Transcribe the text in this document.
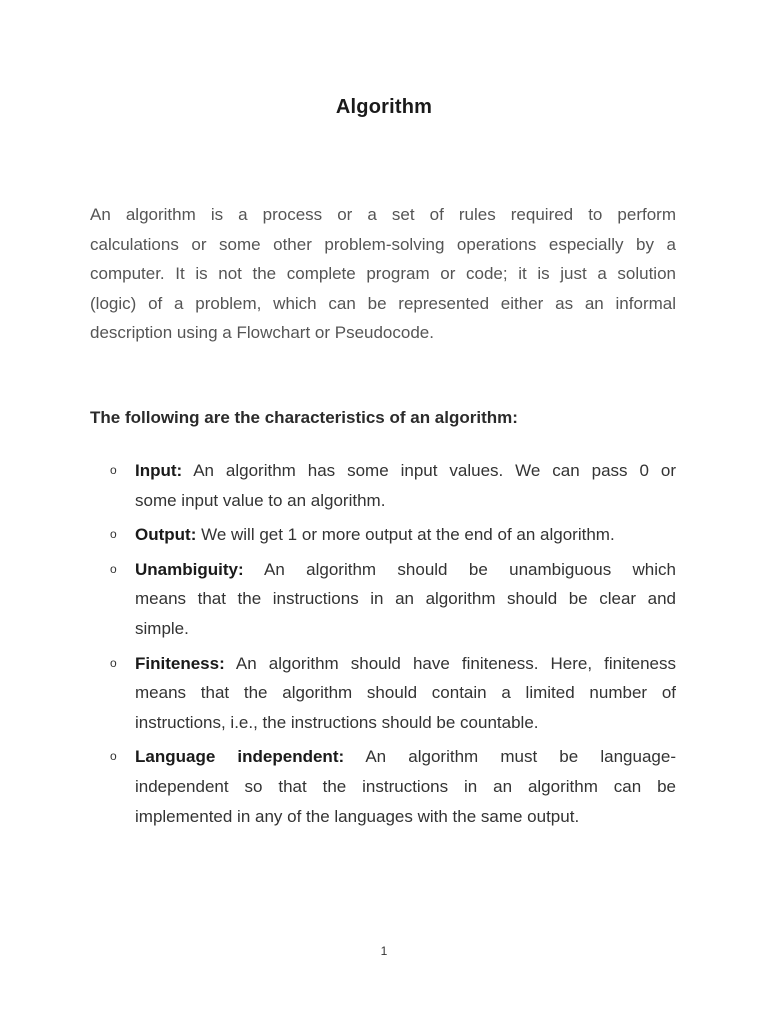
Algorithm

An algorithm is a process or a set of rules required to perform
calculations or some other problem-solving operations especially by a
computer. It is not the complete program or code; it is just a solution
(logic) of a problem, which can be represented either as an informal
description using a Flowchart or Pseudocode.

The following are the characteristics of an algorithm:

o Input: An algorithm has some input values. We can pass 0 or
some input value to an algorithm.
o Output: We will get 1 or more output at the end of an algorithm.
o Unambiguity: An algorithm should be unambiguous which
means that the instructions in an algorithm should be clear and
simple.
o Finiteness: An algorithm should have finiteness. Here, finiteness
means that the algorithm should contain a limited number of
instructions, i.e., the instructions should be countable.
o Language independent: An algorithm must be language-
independent so that the instructions in an algorithm can be
implemented in any of the languages with the same output.
1
